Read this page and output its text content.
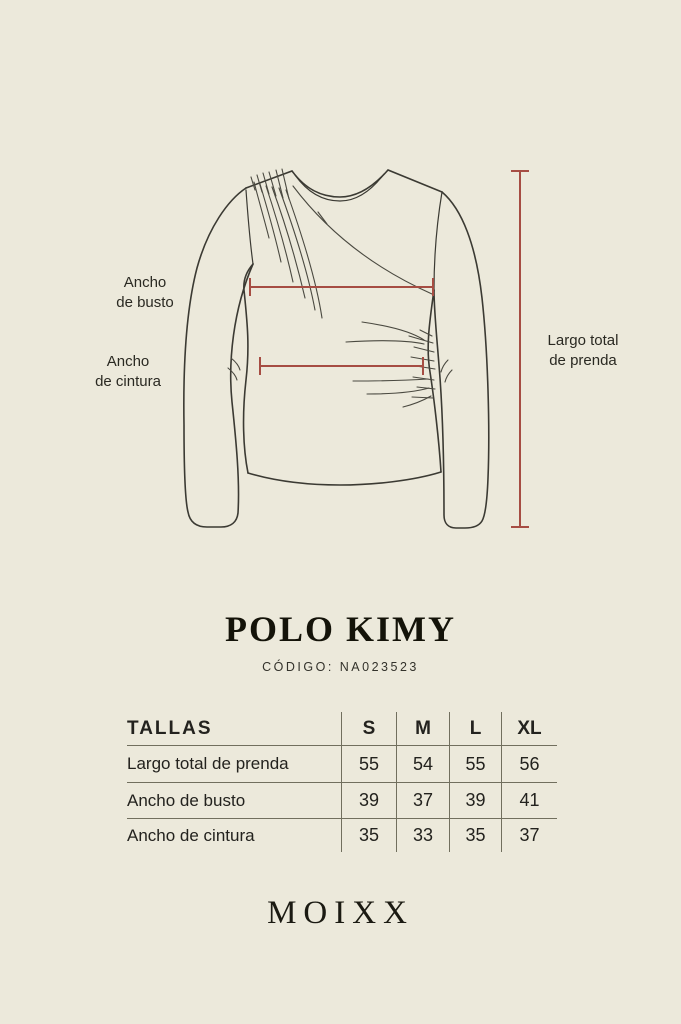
Ancho
de busto
Ancho
de cintura
Largo total
de prenda
POLO KIMY
CÓDIGO: NA023523
TALLAS	S	M	L	XL
Largo total de prenda	55	54	55	56
Ancho de busto	39	37	39	41
Ancho de cintura	35	33	35	37
MOIXX
